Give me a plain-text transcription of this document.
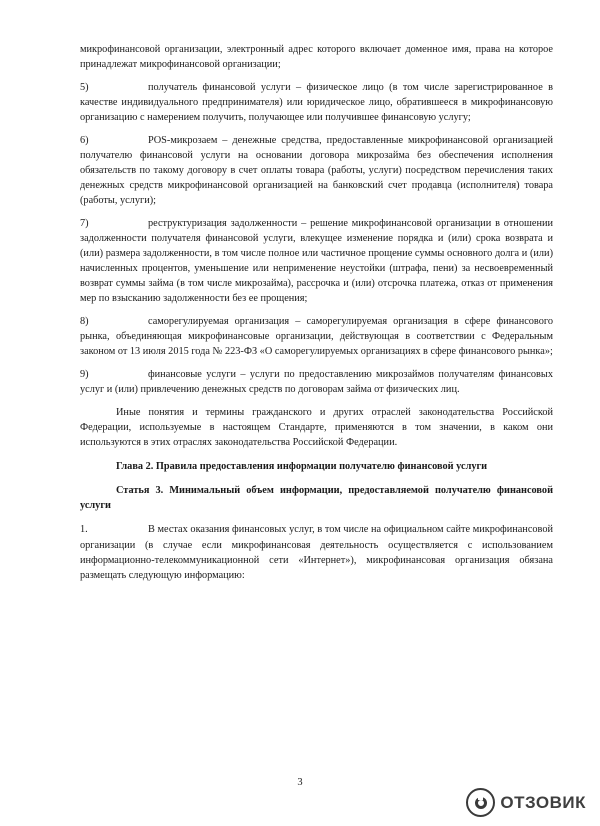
микрофинансовой организации, электронный адрес которого включает доменное имя, права на которое принадлежат микрофинансовой организации;

5)	получатель финансовой услуги – физическое лицо (в том числе зарегистрированное в качестве индивидуального предпринимателя) или юридическое лицо, обратившееся в микрофинансовую организацию с намерением получить, получающее или получившее финансовую услугу;

6)	POS-микрозаем – денежные средства, предоставленные микрофинансовой организацией получателю финансовой услуги на основании договора микрозайма без обеспечения исполнения обязательств по такому договору в счет оплаты товара (работы, услуги) посредством перечисления таких денежных средств микрофинансовой организацией на банковский счет продавца (исполнителя) товара (работы, услуги);

7)	реструктуризация задолженности – решение микрофинансовой организации в отношении задолженности получателя финансовой услуги, влекущее изменение порядка и (или) срока возврата и (или) размера задолженности, в том числе полное или частичное прощение суммы основного долга и (или) начисленных процентов, уменьшение или неприменение неустойки (штрафа, пени) за несвоевременный возврат суммы займа (в том числе микрозайма), рассрочка и (или) отсрочка платежа, отказ от применения мер по взысканию задолженности без ее прощения;

8)	саморегулируемая организация – саморегулируемая организация в сфере финансового рынка, объединяющая микрофинансовые организации, действующая в соответствии с Федеральным законом от 13 июля 2015 года № 223-ФЗ «О саморегулируемых организациях в сфере финансового рынка»;

9)	финансовые услуги – услуги по предоставлению микрозаймов получателям финансовых услуг и (или) привлечению денежных средств по договорам займа от физических лиц.

Иные понятия и термины гражданского и других отраслей законодательства Российской Федерации, используемые в настоящем Стандарте, применяются в том значении, в каком они используются в этих отраслях законодательства Российской Федерации.

Глава 2. Правила предоставления информации получателю финансовой услуги

Статья 3. Минимальный объем информации, предоставляемой получателю финансовой услуги

1.	В местах оказания финансовых услуг, в том числе на официальном сайте микрофинансовой организации (в случае если микрофинансовая деятельность осуществляется с использованием информационно-телекоммуникационной сети «Интернет»), микрофинансовая организация обязана размещать следующую информацию:

3
ОТЗОВИК
